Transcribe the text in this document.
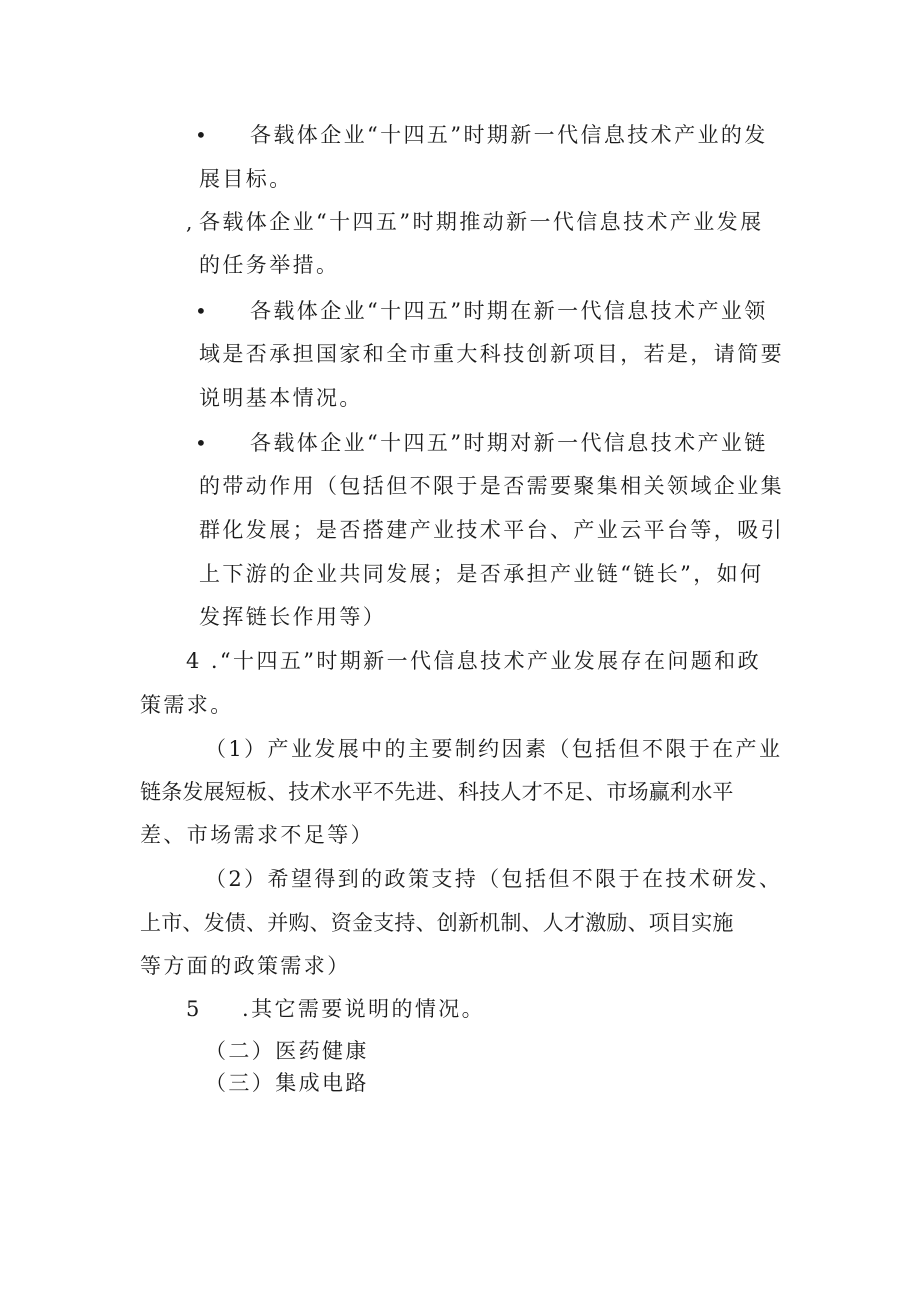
• 各载体企业“十四五”时期新一代信息技术产业的发
展目标。
, 各载体企业“十四五”时期推动新一代信息技术产业发展
的任务举措。
• 各载体企业“十四五”时期在新一代信息技术产业领
域是否承担国家和全市重大科技创新项目，若是，请简要
说明基本情况。
• 各载体企业“十四五”时期对新一代信息技术产业链
的带动作用（包括但不限于是否需要聚集相关领域企业集
群化发展；是否搭建产业技术平台、产业云平台等，吸引
上下游的企业共同发展；是否承担产业链“链长”，如何
发挥链长作用等）
4 .“十四五”时期新一代信息技术产业发展存在问题和政
策需求。
（1）产业发展中的主要制约因素（包括但不限于在产业
链条发展短板、技术水平不先进、科技人才不足、市场赢利水平
差、市场需求不足等）
（2）希望得到的政策支持（包括但不限于在技术研发、
上市、发债、并购、资金支持、创新机制、人才激励、项目实施
等方面的政策需求）
5 .其它需要说明的情况。
（二）医药健康
（三）集成电路
